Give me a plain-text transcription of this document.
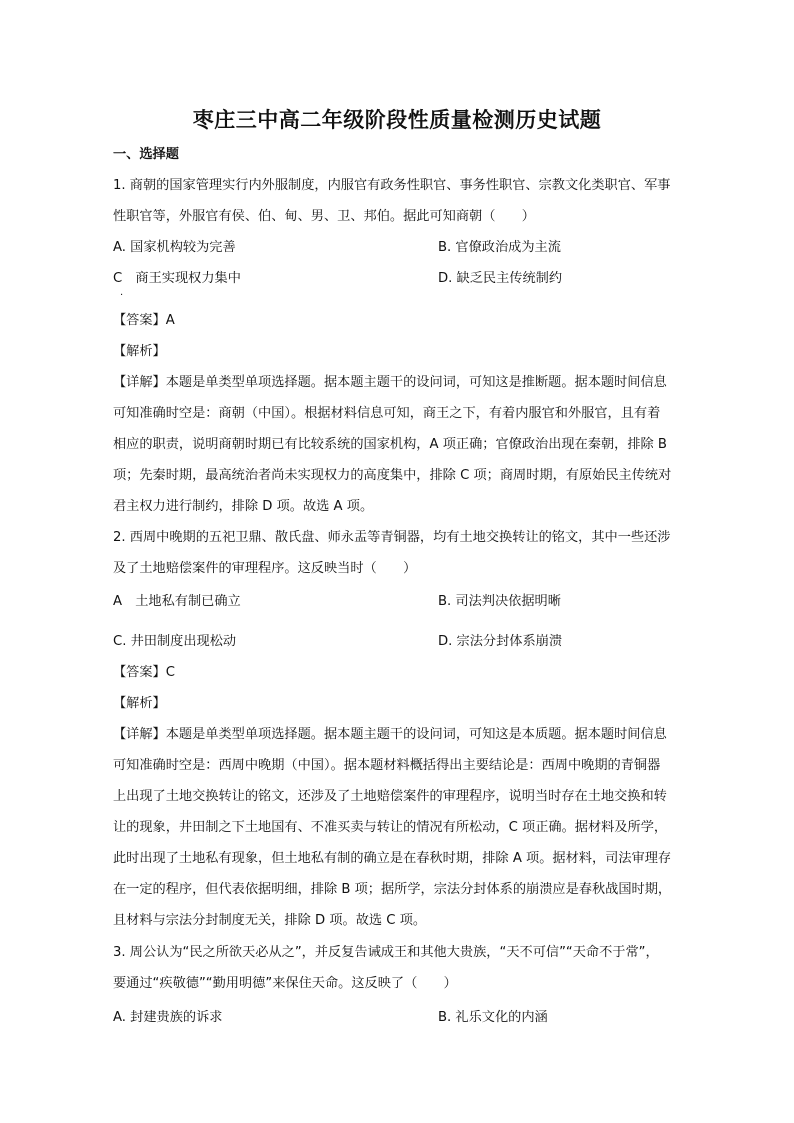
枣庄三中高二年级阶段性质量检测历史试题
一、选择题
1. 商朝的国家管理实行内外服制度，内服官有政务性职官、事务性职官、宗教文化类职官、军事
性职官等，外服官有侯、伯、甸、男、卫、邦伯。据此可知商朝（　　）
A. 国家机构较为完善	B. 官僚政治成为主流
C　商王实现权力集中	D. 缺乏民主传统制约
.
【答案】A
【解析】
【详解】本题是单类型单项选择题。据本题主题干的设问词，可知这是推断题。据本题时间信息
可知准确时空是：商朝（中国）。根据材料信息可知，商王之下，有着内服官和外服官，且有着
相应的职责，说明商朝时期已有比较系统的国家机构，A 项正确；官僚政治出现在秦朝，排除 B
项；先秦时期，最高统治者尚未实现权力的高度集中，排除 C 项；商周时期，有原始民主传统对
君主权力进行制约，排除 D 项。故选 A 项。
2. 西周中晚期的五祀卫鼎、散氏盘、师永盂等青铜器，均有土地交换转让的铭文，其中一些还涉
及了土地赔偿案件的审理程序。这反映当时（　　）
A　土地私有制已确立	B. 司法判决依据明晰
C. 井田制度出现松动	D. 宗法分封体系崩溃
【答案】C
【解析】
【详解】本题是单类型单项选择题。据本题主题干的设问词，可知这是本质题。据本题时间信息
可知准确时空是：西周中晚期（中国）。据本题材料概括得出主要结论是：西周中晚期的青铜器
上出现了土地交换转让的铭文，还涉及了土地赔偿案件的审理程序，说明当时存在土地交换和转
让的现象，井田制之下土地国有、不准买卖与转让的情况有所松动，C 项正确。据材料及所学，
此时出现了土地私有现象，但土地私有制的确立是在春秋时期，排除 A 项。据材料，司法审理存
在一定的程序，但代表依据明细，排除 B 项；据所学，宗法分封体系的崩溃应是春秋战国时期，
且材料与宗法分封制度无关，排除 D 项。故选 C 项。
3. 周公认为“民之所欲天必从之”，并反复告诫成王和其他大贵族，“天不可信”“天命不于常”，
要通过“疾敬德”“勤用明德”来保住天命。这反映了（　　）
A. 封建贵族的诉求	B. 礼乐文化的内涵
